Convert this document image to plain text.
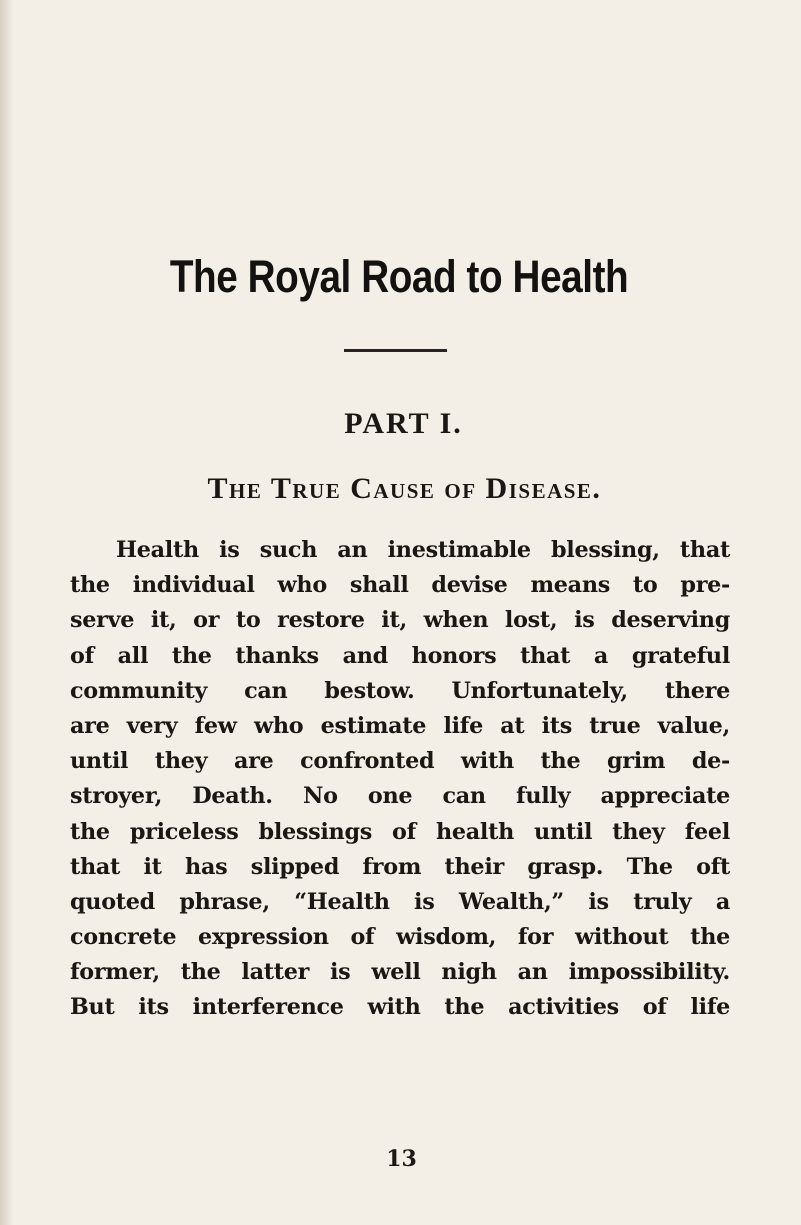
The Royal Road to Health
PART I.
The True Cause of Disease.
Health is such an inestimable blessing, that
the individual who shall devise means to pre-
serve it, or to restore it, when lost, is deserving
of all the thanks and honors that a grateful
community can bestow. Unfortunately, there
are very few who estimate life at its true value,
until they are confronted with the grim de-
stroyer, Death. No one can fully appreciate
the priceless blessings of health until they feel
that it has slipped from their grasp. The oft
quoted phrase, “Health is Wealth,” is truly a
concrete expression of wisdom, for without the
former, the latter is well nigh an impossibility.
But its interference with the activities of life
13
